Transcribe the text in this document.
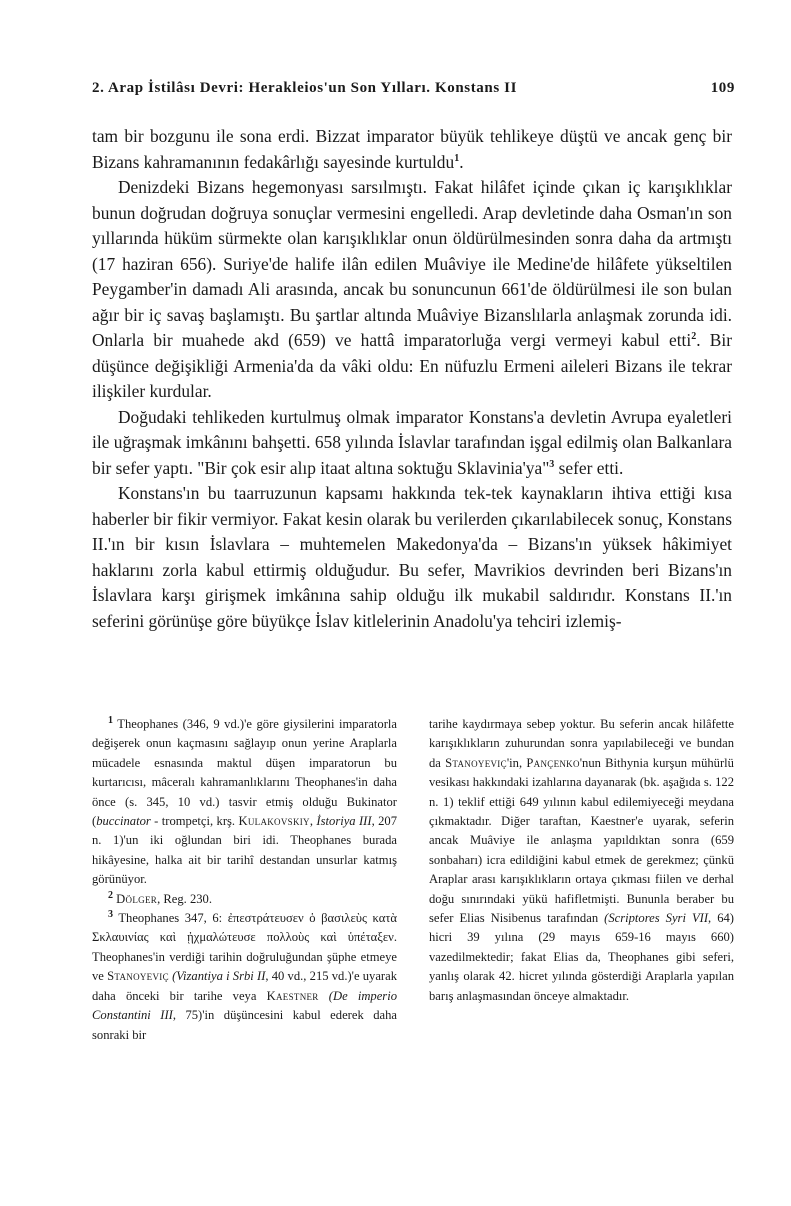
2. Arap İstilâsı Devri: Herakleios'un Son Yılları. Konstans II	109

tam bir bozgunu ile sona erdi. Bizzat imparator büyük tehlikeye düştü ve ancak genç bir Bizans kahramanının fedakârlığı sayesinde kurtuldu$^1$.

Denizdeki Bizans hegemonyası sarsılmıştı. Fakat hilâfet içinde çıkan iç karışıklıklar bunun doğrudan doğruya sonuçlar vermesini engelledi. Arap devletinde daha Osman'ın son yıllarında hüküm sürmekte olan karışıklıklar onun öldürülmesinden sonra daha da artmıştı (17 haziran 656). Suriye'de halife ilân edilen Muâviye ile Medine'de hilâfete yükseltilen Peygamber'in damadı Ali arasında, ancak bu sonuncunun 661'de öldürülmesi ile son bulan ağır bir iç savaş başlamıştı. Bu şartlar altında Muâviye Bizanslılarla anlaşmak zorunda idi. Onlarla bir muahede akd (659) ve hattâ imparatorluğa vergi vermeyi kabul etti$^2$. Bir düşünce değişikliği Armenia'da da vâki oldu: En nüfuzlu Ermeni aileleri Bizans ile tekrar ilişkiler kurdular.

Doğudaki tehlikeden kurtulmuş olmak imparator Konstans'a devletin Avrupa eyaletleri ile uğraşmak imkânını bahşetti. 658 yılında İslavlar tarafından işgal edilmiş olan Balkanlara bir sefer yaptı. "Bir çok esir alıp itaat altına soktuğu Sklavinia'ya"$^3$ sefer etti.

Konstans'ın bu taarruzunun kapsamı hakkında tek-tek kaynakların ihtiva ettiği kısa haberler bir fikir vermiyor. Fakat kesin olarak bu verilerden çıkarılabilecek sonuç, Konstans II.'ın bir kısın İslavlara – muhtemelen Makedonya'da – Bizans'ın yüksek hâkimiyet haklarını zorla kabul ettirmiş olduğudur. Bu sefer, Mavrikios devrinden beri Bizans'ın İslavlara karşı girişmek imkânına sahip olduğu ilk mukabil saldırıdır. Konstans II.'ın seferini görünüşe göre büyükçe İslav kitlelerinin Anadolu'ya tehciri izlemiş-

$^1$ Theophanes (346, 9 vd.)'e göre giysilerini imparatorla değişerek onun kaçmasını sağlayıp onun yerine Araplarla mücadele esnasında maktul düşen imparatorun bu kurtarıcısı, mâceralı kahramanlıklarını Theophanes'in daha önce (s. 345, 10 vd.) tasvir etmiş olduğu Bukinator (buccinator - trompetçi, krş. Kulakovskiy, İstoriya III, 207 n. 1)'un iki oğlundan biri idi. Theophanes burada hikâyesine, halka ait bir tarihî destandan unsurlar katmış görünüyor.

$^2$ Dölger, Reg. 230.

$^3$ Theophanes 347, 6: ἐπεστράτευσεν ὁ βασιλεὺς κατὰ Σκλαυινίας καὶ ᾐχμαλώτευσε πολλοὺς καὶ ὑπέταξεν. Theophanes'in verdiği tarihin doğruluğundan şüphe etmeye ve Stanoyeviç (Vizantiya i Srbi II, 40 vd., 215 vd.)'e uyarak daha önceki bir tarihe veya Kaestner (De imperio Constantini III, 75)'in düşüncesini kabul ederek daha sonraki bir

tarihe kaydırmaya sebep yoktur. Bu seferin ancak hilâfette karışıklıkların zuhurundan sonra yapılabileceği ve bundan da Stanoyeviç'in, Pançenko'nun Bithynia kurşun mühürlü vesikası hakkındaki izahlarına dayanarak (bk. aşağıda s. 122 n. 1) teklif ettiği 649 yılının kabul edilemiyeceği meydana çıkmaktadır. Diğer taraftan, Kaestner'e uyarak, seferin ancak Muâviye ile anlaşma yapıldıktan sonra (659 sonbaharı) icra edildiğini kabul etmek de gerekmez; çünkü Araplar arası karışıklıkların ortaya çıkması fiilen ve derhal doğu sınırındaki yükü hafifletmişti. Bununla beraber bu sefer Elias Nisibenus tarafından (Scriptores Syri VII, 64) hicri 39 yılına (29 mayıs 659-16 mayıs 660) vazedilmektedir; fakat Elias da, Theophanes gibi seferi, yanlış olarak 42. hicret yılında gösterdiği Araplarla yapılan barış anlaşmasından önceye almaktadır.
